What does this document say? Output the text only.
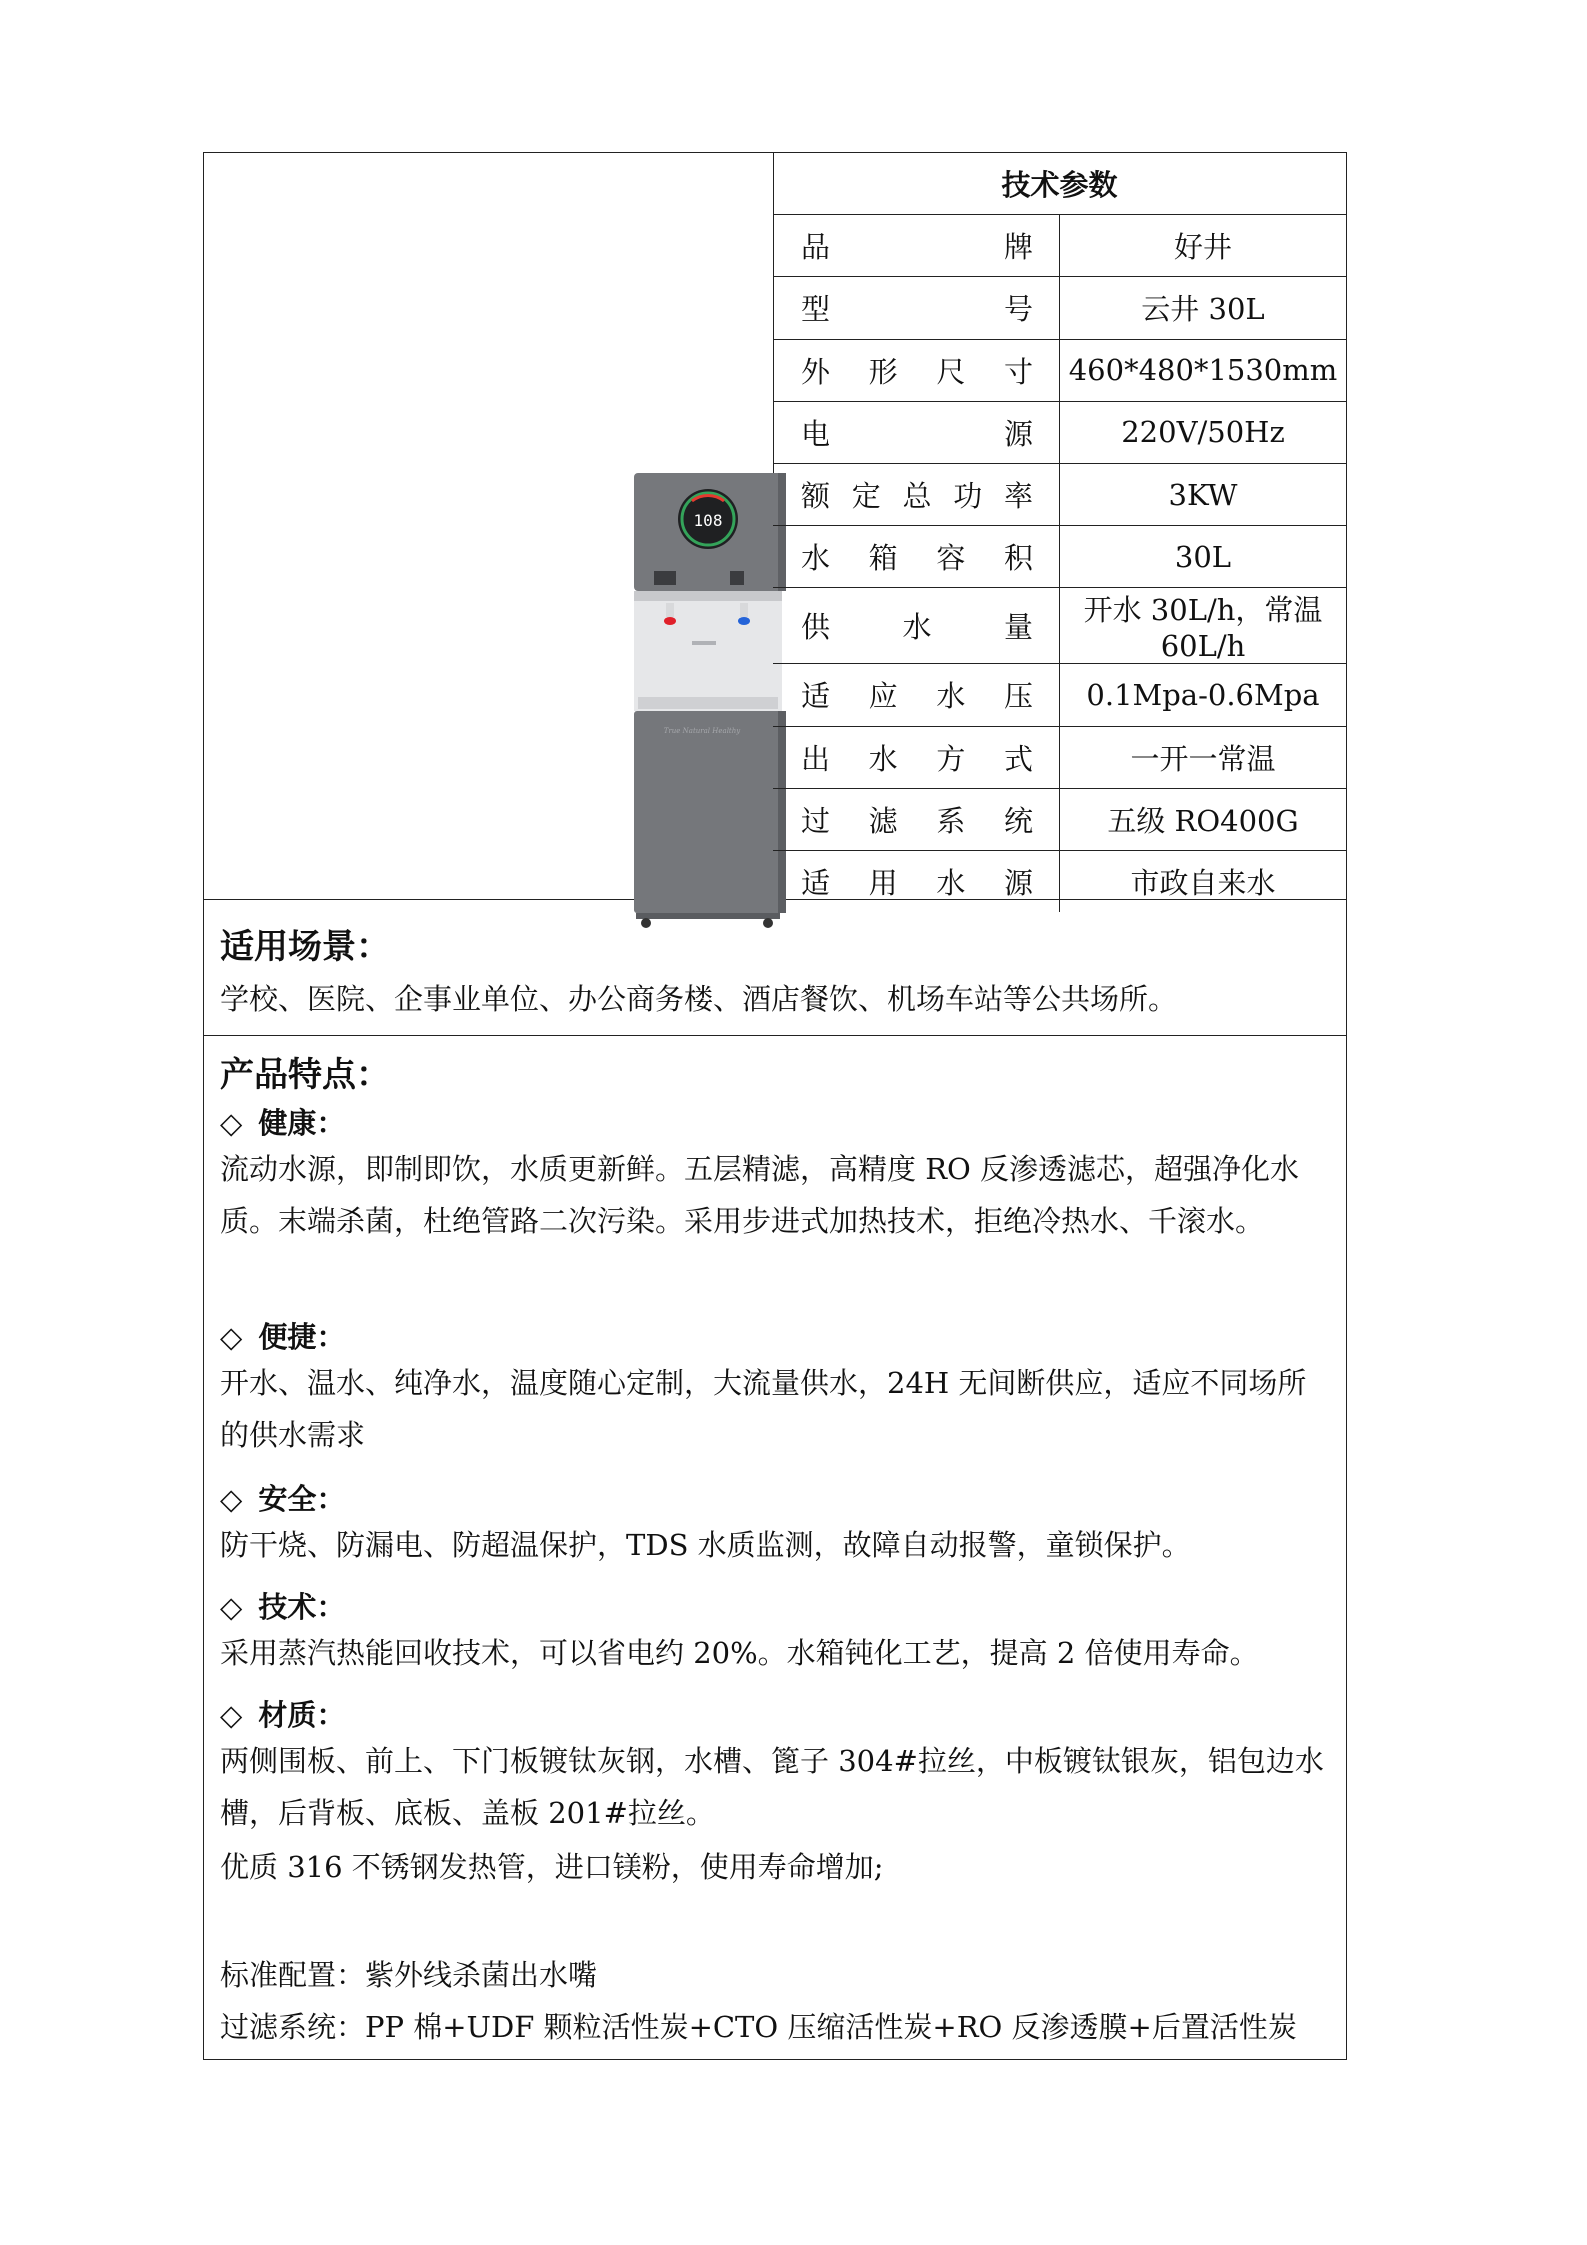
108
True Natural Healthy
技术参数	

品 牌	好井

型 号	云井 30L

外 形 尺 寸	460*480*1530mm

电 源	220V/50Hz

额 定 总 功 率	3KW

水 箱 容 积	30L

供 水 量	开水 30L/h，常温 60L/h

适 应 水 压	0.1Mpa-0.6Mpa

出 水 方 式	一开一常温

过 滤 系 统	五级 RO400G

适 用 水 源	市政自来水
适用场景：
学校、医院、企事业单位、办公商务楼、酒店餐饮、机场车站等公共场所。
产品特点：
◇ 健康：
流动水源，即制即饮，水质更新鲜。五层精滤，高精度 RO 反渗透滤芯，超强净化水质。末端杀菌，杜绝管路二次污染。采用步进式加热技术，拒绝冷热水、千滚水。
◇ 便捷：
开水、温水、纯净水，温度随心定制，大流量供水，24H 无间断供应，适应不同场所的供水需求
◇ 安全：
防干烧、防漏电、防超温保护，TDS 水质监测，故障自动报警，童锁保护。
◇ 技术：
采用蒸汽热能回收技术，可以省电约 20%。水箱钝化工艺，提高 2 倍使用寿命。
◇ 材质：
两侧围板、前上、下门板镀钛灰钢，水槽、篦子 304#拉丝，中板镀钛银灰，铝包边水槽，后背板、底板、盖板 201#拉丝。
优质 316 不锈钢发热管，进口镁粉，使用寿命增加;
标准配置：紫外线杀菌出水嘴
过滤系统：PP 棉+UDF 颗粒活性炭+CTO 压缩活性炭+RO 反渗透膜+后置活性炭
